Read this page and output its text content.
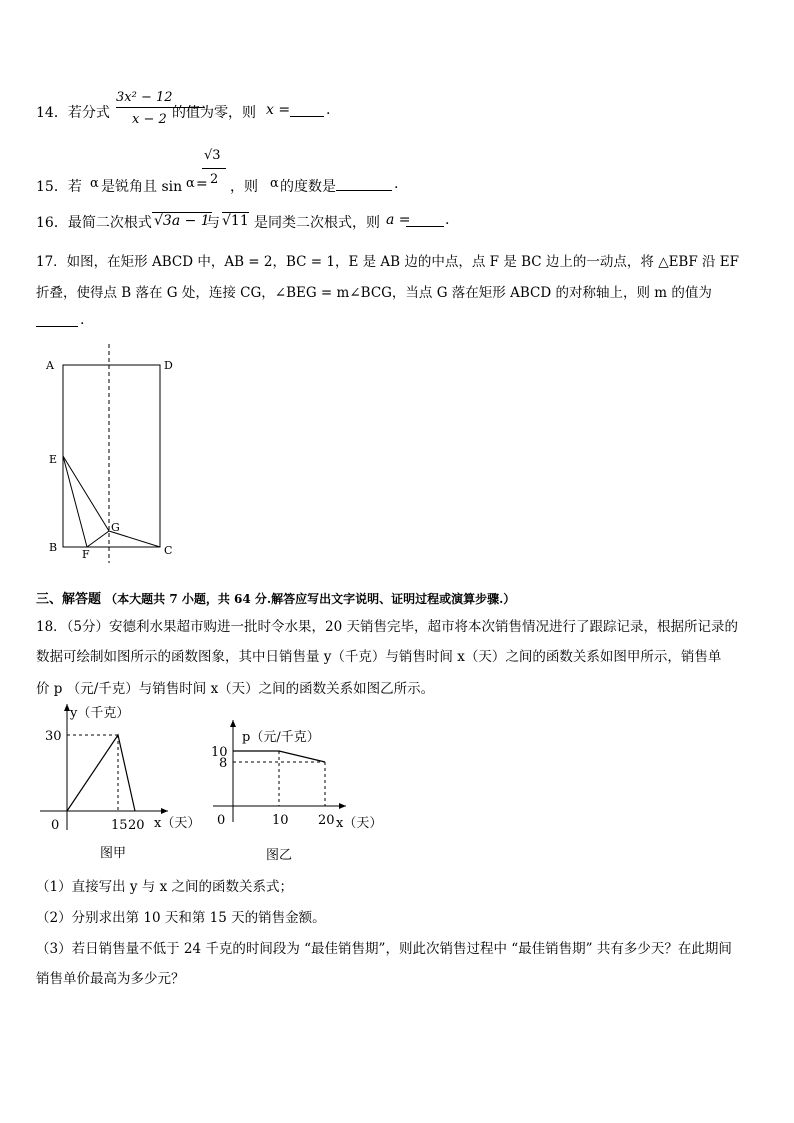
14．若分式
3x² − 12
x − 2 的值为零，则 x =	.
15．若 α 是锐角且 sin α =
√3
2 ，则 α 的度数是	.
16．最简二次根式 √3a − 1
与 √11 是同类二次根式，则 a = .
17．如图，在矩形 ABCD 中，AB = 2，BC = 1，E 是 AB 边的中点，点 F 是 BC 边上的一动点，将 △EBF 沿 EF
折叠，使得点 B 落在 G 处，连接 CG，∠BEG = m∠BCG，当点 G 落在矩形 ABCD 的对称轴上，则 m 的值为
.
A	D
E
B
G
F	C
三、解答题 （本大题共 7 小题，共 64 分.解答应写出文字说明、证明过程或演算步骤.）
18．（5分）安德利水果超市购进一批时令水果，20 天销售完毕，超市将本次销售情况进行了跟踪记录，根据所记录的
数据可绘制如图所示的函数图象，其中日销售量 y（千克）与销售时间 x（天）之间的函数关系如图甲所示，销售单
价 p （元/千克）与销售时间 x（天）之间的函数关系如图乙所示。
y（千克）
x（天）
图甲
0	15 20
30	p（元/千克）
x（天）
图乙
0	10 20
10
8
（1）直接写出 y 与 x 之间的函数关系式；
（2）分别求出第 10 天和第 15 天的销售金额。
（3）若日销售量不低于 24 千克的时间段为 “最佳销售期”，则此次销售过程中 “最佳销售期” 共有多少天？在此期间
销售单价最高为多少元？
